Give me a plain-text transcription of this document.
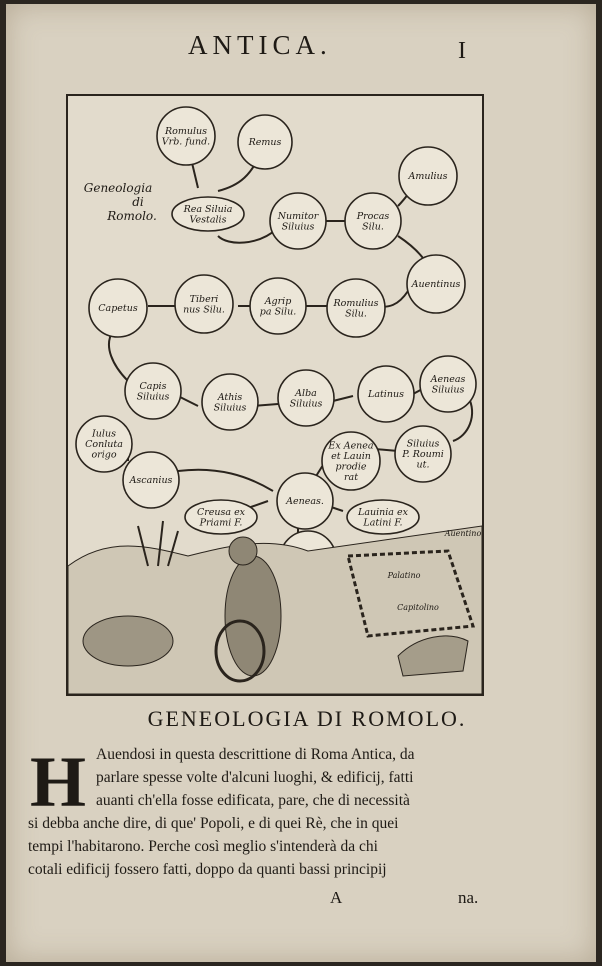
ANTICA.	I
Romulus
Vrb. fund.	Remus
Rea Siluia
Vestalis	Numitor
Siluius
Procas
Silu.
Amulius
Auentinus
Romulius
Silu.
Agrip
pa Silu.
Tiberi
nus Silu.
Capetus
Capis
Siluius	Athis
Siluius
Alba
Siluius
Latinus
Aeneas
Siluius
Iulus
Conluta
origo
Ascanius
Ex Aenea
et Lauin
prodie
rat
Siluius
P. Roumi
ut.
Aeneas.
Creusa ex
Priami F.
Lauinia ex
Latini F.
Palatino
Capitolino
Auentino
Geneologia
di
Romolo.
GENEOLOGIA DI ROMOLO.
H Auendosi in questa descrittione di Roma Antica, da
parlare spesse volte d'alcuni luoghi, & edificij, fatti
auanti ch'ella fosse edificata, pare, che di necessità
si debba anche dire, di que' Popoli, e di quei Rè, che in quei
tempi l'habitarono. Perche così meglio s'intenderà da chi
cotali edificij fossero fatti, doppo da quanti bassi principij
A	na.
